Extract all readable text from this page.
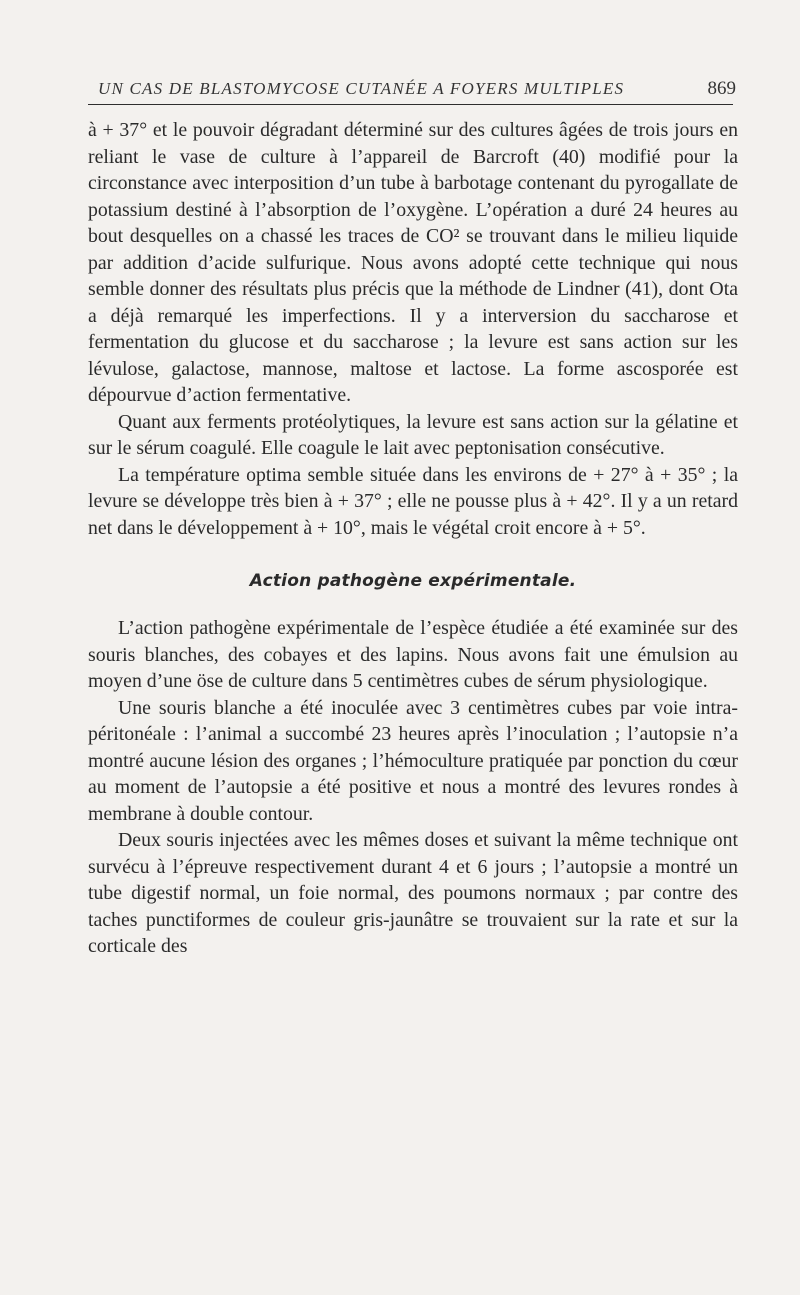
UN CAS DE BLASTOMYCOSE CUTANÉE A FOYERS MULTIPLES	869

à + 37° et le pouvoir dégradant déterminé sur des cultures âgées de trois jours en reliant le vase de culture à l’appareil de Barcroft (40) modifié pour la circonstance avec interposition d’un tube à barbotage contenant du pyrogallate de potassium destiné à l’absorption de l’oxygène. L’opération a duré 24 heures au bout desquelles on a chassé les traces de CO² se trouvant dans le milieu liquide par addition d’acide sulfurique. Nous avons adopté cette technique qui nous semble donner des résultats plus précis que la méthode de Lindner (41), dont Ota a déjà remarqué les imperfections. Il y a interversion du saccharose et fermentation du glucose et du saccharose ; la levure est sans action sur les lévulose, galactose, mannose, maltose et lactose. La forme ascosporée est dépourvue d’action fermentative.

Quant aux ferments protéolytiques, la levure est sans action sur la gélatine et sur le sérum coagulé. Elle coagule le lait avec peptonisation consécutive.

La température optima semble située dans les environs de + 27° à + 35° ; la levure se développe très bien à + 37° ; elle ne pousse plus à + 42°. Il y a un retard net dans le développement à + 10°, mais le végétal croit encore à + 5°.

Action pathogène expérimentale.

L’action pathogène expérimentale de l’espèce étudiée a été examinée sur des souris blanches, des cobayes et des lapins. Nous avons fait une émulsion au moyen d’une öse de culture dans 5 centimètres cubes de sérum physiologique.

Une souris blanche a été inoculée avec 3 centimètres cubes par voie intra-péritonéale : l’animal a succombé 23 heures après l’inoculation ; l’autopsie n’a montré aucune lésion des organes ; l’hémoculture pratiquée par ponction du cœur au moment de l’autopsie a été positive et nous a montré des levures rondes à membrane à double contour.

Deux souris injectées avec les mêmes doses et suivant la même technique ont survécu à l’épreuve respectivement durant 4 et 6 jours ; l’autopsie a montré un tube digestif normal, un foie normal, des poumons normaux ; par contre des taches punctiformes de couleur gris-jaunâtre se trouvaient sur la rate et sur la corticale des
